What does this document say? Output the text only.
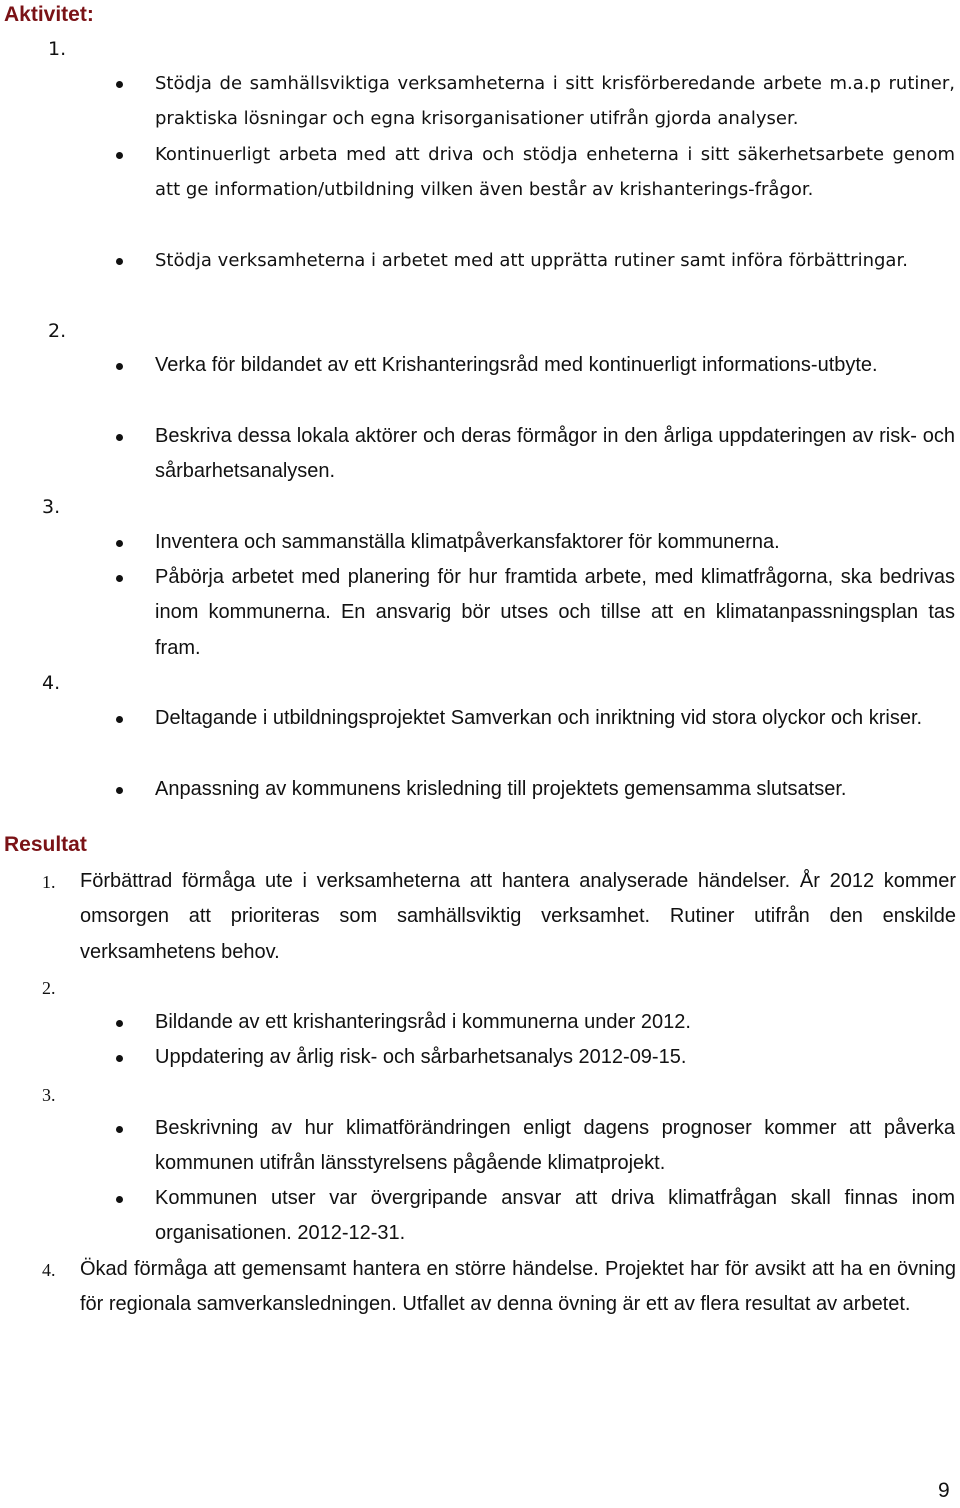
Aktivitet:
1.
Stödja de samhällsviktiga verksamheterna i sitt krisförberedande arbete m.a.p rutiner, praktiska lösningar och egna krisorganisationer utifrån gjorda analyser.
Kontinuerligt arbeta med att driva och stödja enheterna i sitt säkerhetsarbete genom att ge information/utbildning vilken även består av krishanterings-frågor.
Stödja verksamheterna i arbetet med att upprätta rutiner samt införa förbättringar.
2.
Verka för bildandet av ett Krishanteringsråd med kontinuerligt informations-utbyte.
Beskriva dessa lokala aktörer och deras förmågor in den årliga uppdateringen av risk- och sårbarhetsanalysen.
3.
Inventera och sammanställa klimatpåverkansfaktorer för kommunerna.
Påbörja arbetet med planering för hur framtida arbete, med klimatfrågorna, ska bedrivas inom kommunerna. En ansvarig bör utses och tillse att en klimatanpassningsplan tas fram.
4.
Deltagande i utbildningsprojektet Samverkan och inriktning vid stora olyckor och kriser.
Anpassning av kommunens krisledning till projektets gemensamma slutsatser.
Resultat
1. Förbättrad förmåga ute i verksamheterna att hantera analyserade händelser. År 2012 kommer omsorgen att prioriteras som samhällsviktig verksamhet. Rutiner utifrån den enskilde verksamhetens behov.
2.
Bildande av ett krishanteringsråd i kommunerna under 2012.
Uppdatering av årlig risk- och sårbarhetsanalys 2012-09-15.
3.
Beskrivning av hur klimatförändringen enligt dagens prognoser kommer att påverka kommunen utifrån länsstyrelsens pågående klimatprojekt.
Kommunen utser var övergripande ansvar att driva klimatfrågan skall finnas inom organisationen. 2012-12-31.
4. Ökad förmåga att gemensamt hantera en större händelse. Projektet har för avsikt att ha en övning för regionala samverkansledningen. Utfallet av denna övning är ett av flera resultat av arbetet.
9
